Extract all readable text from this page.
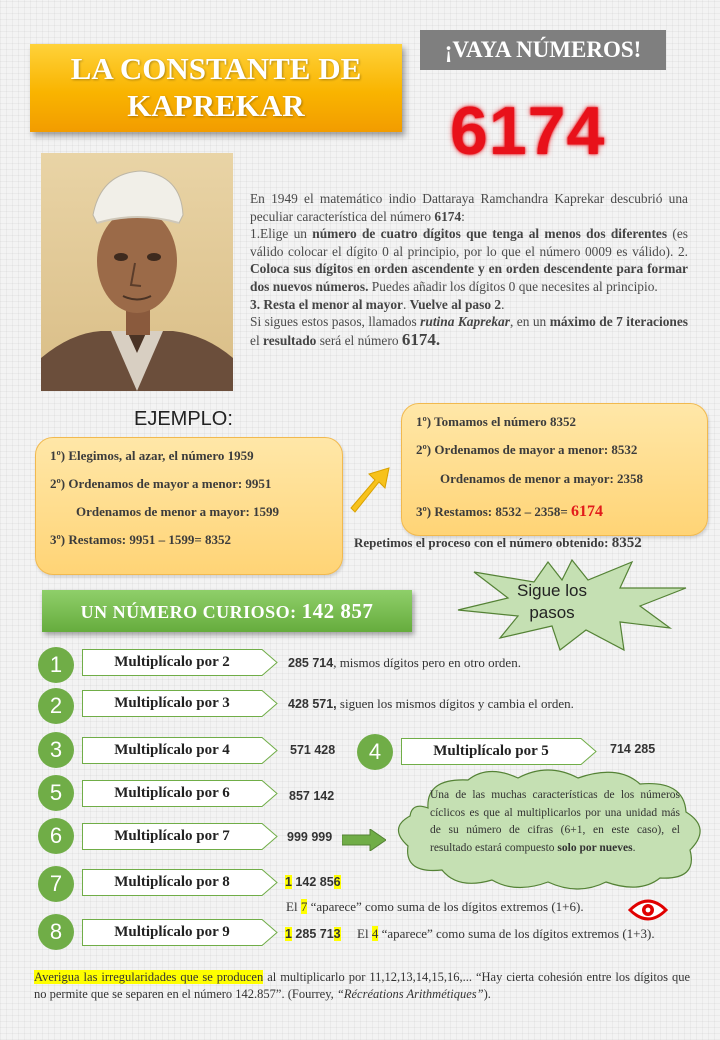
LA CONSTANTE DE
KAPREKAR
¡VAYA NÚMEROS!
6174

En 1949 el matemático indio Dattaraya Ramchandra Kaprekar descubrió una peculiar característica del número 6174:

1.Elige un número de cuatro dígitos que tenga al menos dos diferentes (es válido colocar el dígito 0 al principio, por lo que el número 0009 es válido). 2. Coloca sus dígitos en orden ascendente y en orden descendente para formar dos nuevos números. Puedes añadir los dígitos 0 que necesites al principio.

3. Resta el menor al mayor. Vuelve al paso 2.

Si sigues estos pasos, llamados rutina Kaprekar, en un máximo de 7 iteraciones el resultado será el número 6174.

EJEMPLO:
1º) Elegimos, al azar, el número 1959
2º) Ordenamos de mayor a menor: 9951
Ordenamos de menor a mayor: 1599
3º) Restamos: 9951 – 1599= 8352
1º) Tomamos el número 8352
2º) Ordenamos de mayor a menor: 8532
Ordenamos de menor a mayor: 2358
3º) Restamos: 8532 – 2358= 6174
Repetimos el proceso con el número obtenido: 8352
UN NÚMERO CURIOSO: 142 857
Sigue los
pasos
1	Multiplícalo por 2	285 714, mismos dígitos pero en otro orden.
2	Multiplícalo por 3	428 571, siguen los mismos dígitos y cambia el orden.
3	Multiplícalo por 4	571 428	4	Multiplícalo por 5	714 285
5	Multiplícalo por 6	857 142
6	Multiplícalo por 7	999 999
7	Multiplícalo por 8	1 142 856
8	Multiplícalo por 9	1 285 713
Una de las muchas características de los números cíclicos es que al multiplicarlos por una unidad más de su número de cifras (6+1, en este caso), el resultado estará compuesto solo por nueves.
El 7 “aparece” como suma de los dígitos extremos (1+6).
El 4 “aparece” como suma de los dígitos extremos (1+3).
Averigua las irregularidades que se producen al multiplicarlo por 11,12,13,14,15,16,... “Hay cierta cohesión entre los dígitos que no permite que se separen en el número 142.857”. (Fourrey, “Récréations Arithmétiques”).
